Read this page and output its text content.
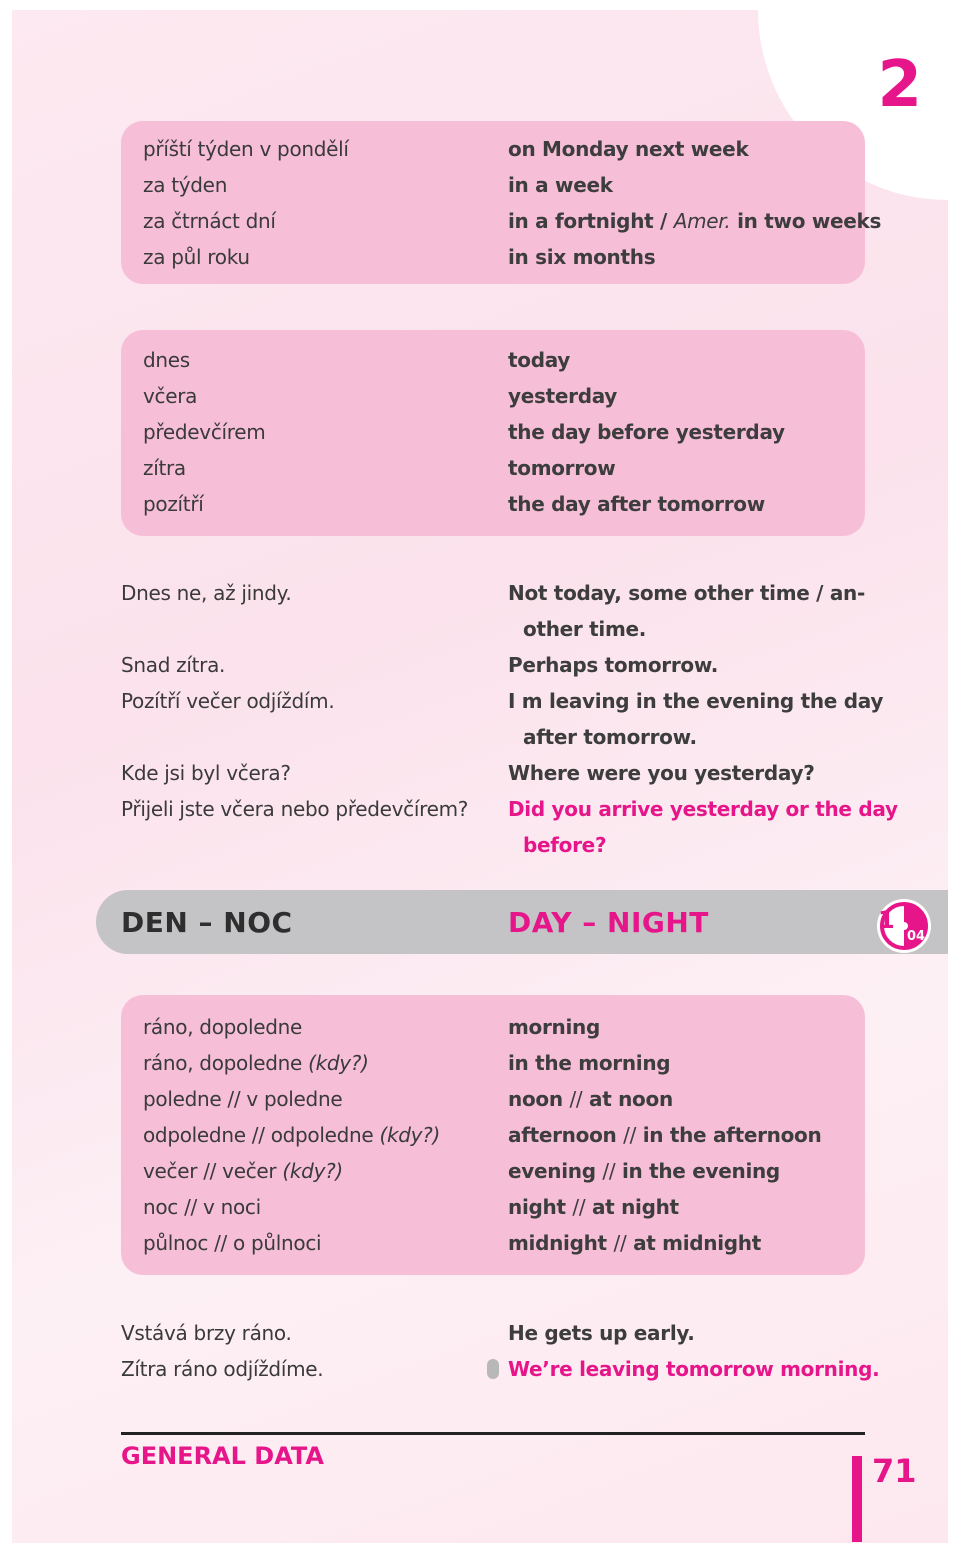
2
příští týden v pondělí	on Monday next week
za týden	in a week
za čtrnáct dní	in a fortnight / Amer. in two weeks
za půl roku	in six months
dnes	today
včera	yesterday
předevčírem	the day before yesterday
zítra	tomorrow
pozítří	the day after tomorrow
Dnes ne, až jindy.	Not today, some other time / an-
other time.
Snad zítra.	Perhaps tomorrow.
Pozítří večer odjíždím.	I m leaving in the evening the day
after tomorrow.
Kde jsi byl včera?	Where were you yesterday?
Přijeli jste včera nebo předevčírem? Did you arrive yesterday or the day
before?
DEN – NOC	DAY – NIGHT	1
04
ráno, dopoledne	morning
ráno, dopoledne (kdy?)	in the morning
poledne // v poledne	noon // at noon
odpoledne // odpoledne (kdy?)	afternoon // in the afternoon
večer // večer (kdy?)	evening // in the evening
noc // v noci	night // at night
půlnoc // o půlnoci	midnight // at midnight
Vstává brzy ráno.	He gets up early.
Zítra ráno odjíždíme.	We’re leaving tomorrow morning.
GENERAL DATA	71
